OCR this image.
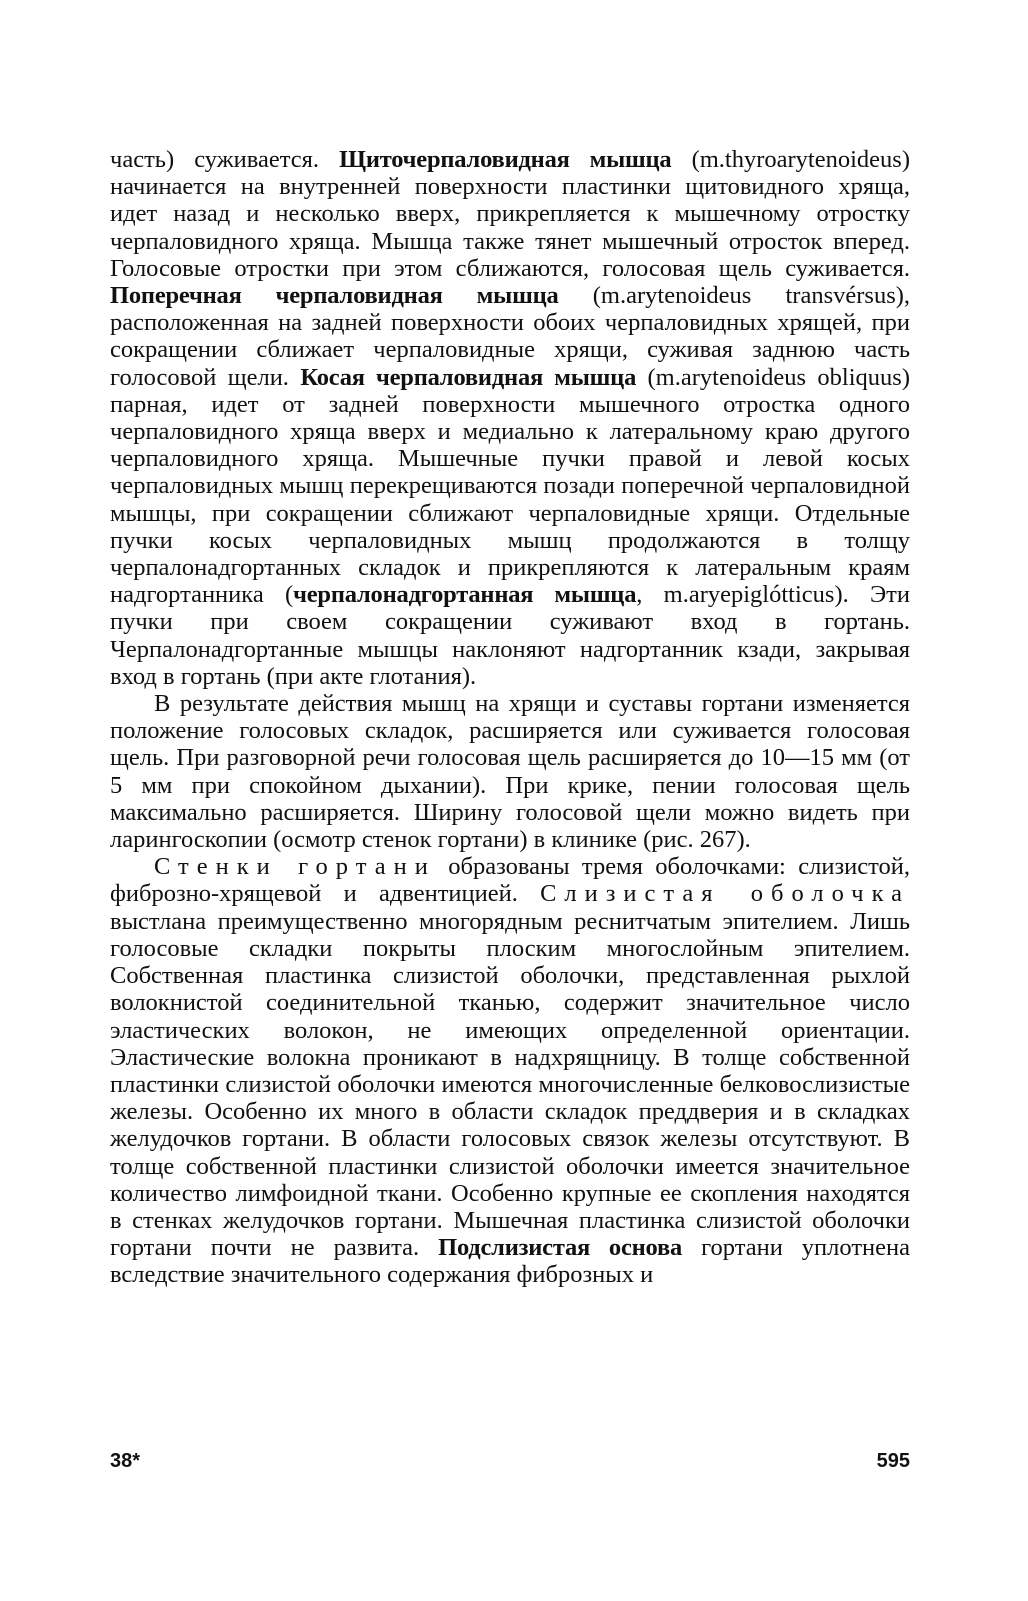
часть) суживается. Щиточерпаловидная мышца (m.thyroarytenoideus) начинается на внутренней поверхности пластинки щитовидного хряща, идет назад и несколько вверх, прикрепляется к мышечному отростку черпаловидного хряща. Мышца также тянет мышечный отросток вперед. Голосовые отростки при этом сближаются, голосовая щель суживается. Поперечная черпаловидная мышца (m.arytenoideus transvérsus), расположенная на задней поверхности обоих черпаловидных хрящей, при сокращении сближает черпаловидные хрящи, суживая заднюю часть голосовой щели. Косая черпаловидная мышца (m.arytenoideus obliquus) парная, идет от задней поверхности мышечного отростка одного черпаловидного хряща вверх и медиально к латеральному краю другого черпаловидного хряща. Мышечные пучки правой и левой косых черпаловидных мышц перекрещиваются позади поперечной черпаловидной мышцы, при сокращении сближают черпаловидные хрящи. Отдельные пучки косых черпаловидных мышц продолжаются в толщу черпалонадгортанных складок и прикрепляются к латеральным краям надгортанника (черпалонадгортанная мышца, m.aryepiglótticus). Эти пучки при своем сокращении суживают вход в гортань. Черпалонадгортанные мышцы наклоняют надгортанник кзади, закрывая вход в гортань (при акте глотания).

В результате действия мышц на хрящи и суставы гортани изменяется положение голосовых складок, расширяется или суживается голосовая щель. При разговорной речи голосовая щель расширяется до 10—15 мм (от 5 мм при спокойном дыхании). При крике, пении голосовая щель максимально расширяется. Ширину голосовой щели можно видеть при ларингоскопии (осмотр стенок гортани) в клинике (рис. 267).

Стенки гортани образованы тремя оболочками: слизистой, фиброзно-хрящевой и адвентицией. Слизистая оболочка выстлана преимущественно многорядным реснитчатым эпителием. Лишь голосовые складки покрыты плоским многослойным эпителием. Собственная пластинка слизистой оболочки, представленная рыхлой волокнистой соединительной тканью, содержит значительное число эластических волокон, не имеющих определенной ориентации. Эластические волокна проникают в надхрящницу. В толще собственной пластинки слизистой оболочки имеются многочисленные белковослизистые железы. Особенно их много в области складок преддверия и в складках желудочков гортани. В области голосовых связок железы отсутствуют. В толще собственной пластинки слизистой оболочки имеется значительное количество лимфоидной ткани. Особенно крупные ее скопления находятся в стенках желудочков гортани. Мышечная пластинка слизистой оболочки гортани почти не развита. Подслизистая основа гортани уплотнена вследствие значительного содержания фиброзных и

38*	595
